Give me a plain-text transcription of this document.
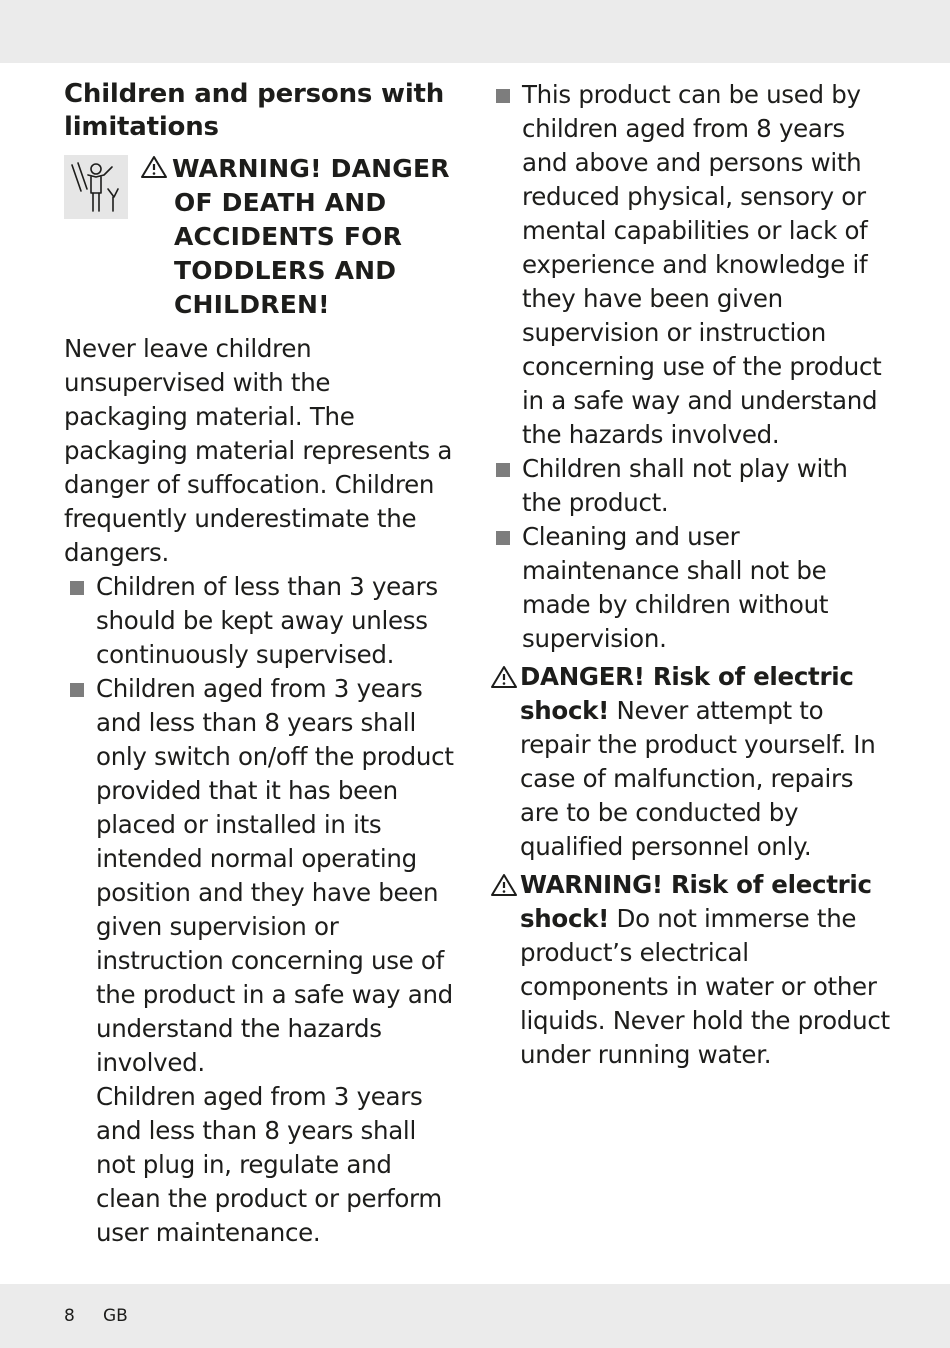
Children and persons with limitations

WARNING! DANGER OF DEATH AND ACCIDENTS FOR TODDLERS AND CHILDREN!

Never leave children unsupervised with the packaging material. The packaging material represents a danger of suffocation. Children frequently underestimate the dangers.

Children of less than 3 years should be kept away unless continuously supervised.
Children aged from 3 years and less than 8 years shall only switch on/off the product provided that it has been placed or installed in its intended normal operating position and they have been given supervision or instruction concerning use of the product in a safe way and understand the hazards involved.
Children aged from 3 years and less than 8 years shall not plug in, regulate and clean the product or perform user maintenance.
This product can be used by children aged from 8 years and above and persons with reduced physical, sensory or mental capabilities or lack of experience and knowledge if they have been given supervision or instruction concerning use of the product in a safe way and understand the hazards involved.
Children shall not play with the product.
Cleaning and user maintenance shall not be made by children without supervision.
DANGER! Risk of electric shock! Never attempt to repair the product yourself. In case of malfunction, repairs are to be conducted by qualified personnel only.
WARNING! Risk of electric shock! Do not immerse the product’s electrical components in water or other liquids. Never hold the product under running water.
8 GB
